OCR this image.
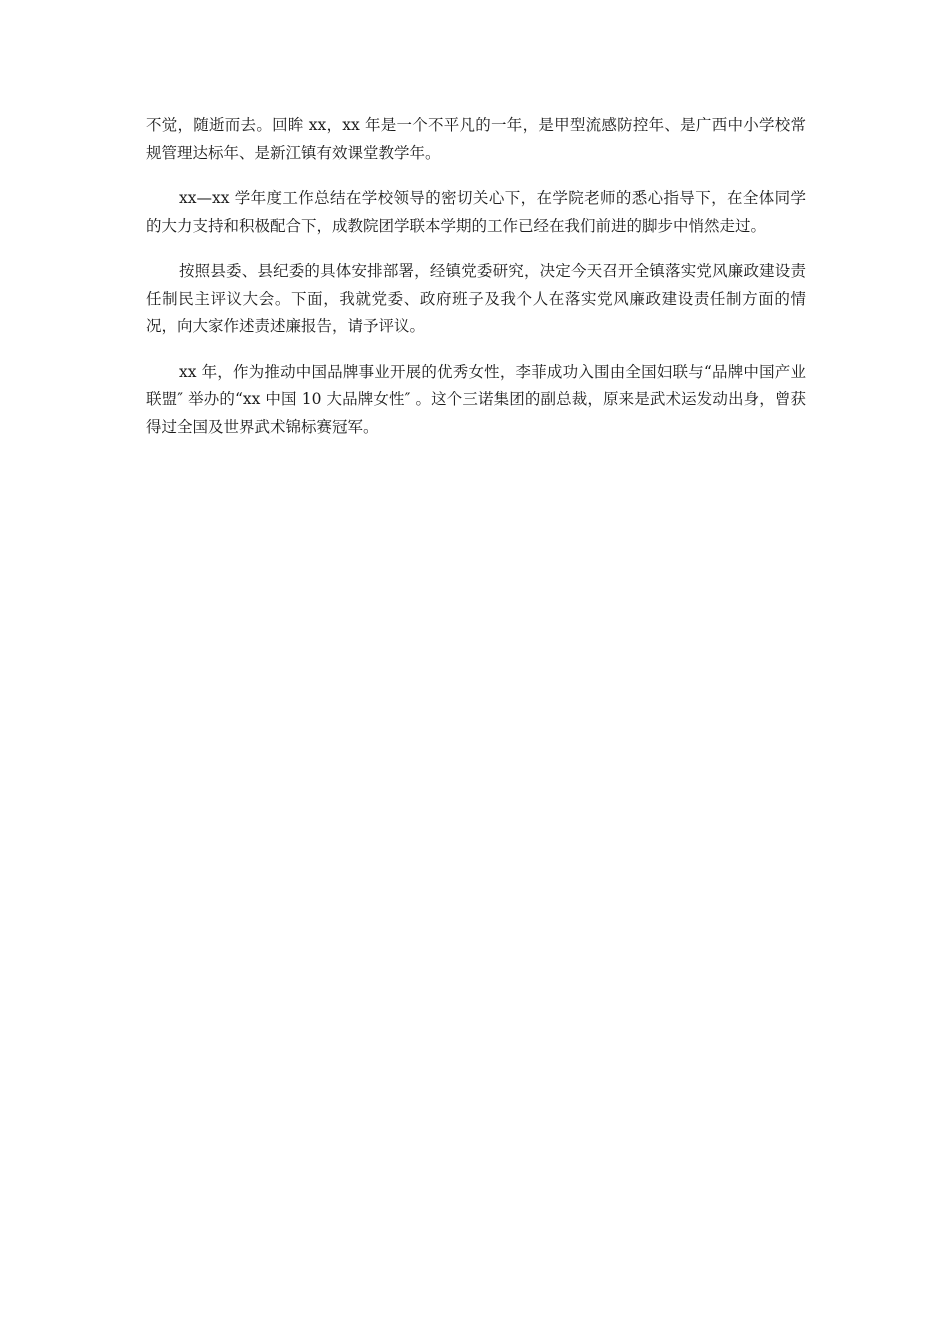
不觉，随逝而去。回眸 xx，xx 年是一个不平凡的一年，是甲型流感防控年、是广西中小学校常规管理达标年、是新江镇有效课堂教学年。

xx—xx 学年度工作总结在学校领导的密切关心下，在学院老师的悉心指导下，在全体同学的大力支持和积极配合下，成教院团学联本学期的工作已经在我们前进的脚步中悄然走过。

按照县委、县纪委的具体安排部署，经镇党委研究，决定今天召开全镇落实党风廉政建设责任制民主评议大会。下面，我就党委、政府班子及我个人在落实党风廉政建设责任制方面的情况，向大家作述责述廉报告，请予评议。

xx 年，作为推动中国品牌事业开展的优秀女性，李菲成功入围由全国妇联与“品牌中国产业联盟″ 举办的“xx 中国 10 大品牌女性″ 。这个三诺集团的副总裁，原来是武术运发动出身，曾获得过全国及世界武术锦标赛冠军。
